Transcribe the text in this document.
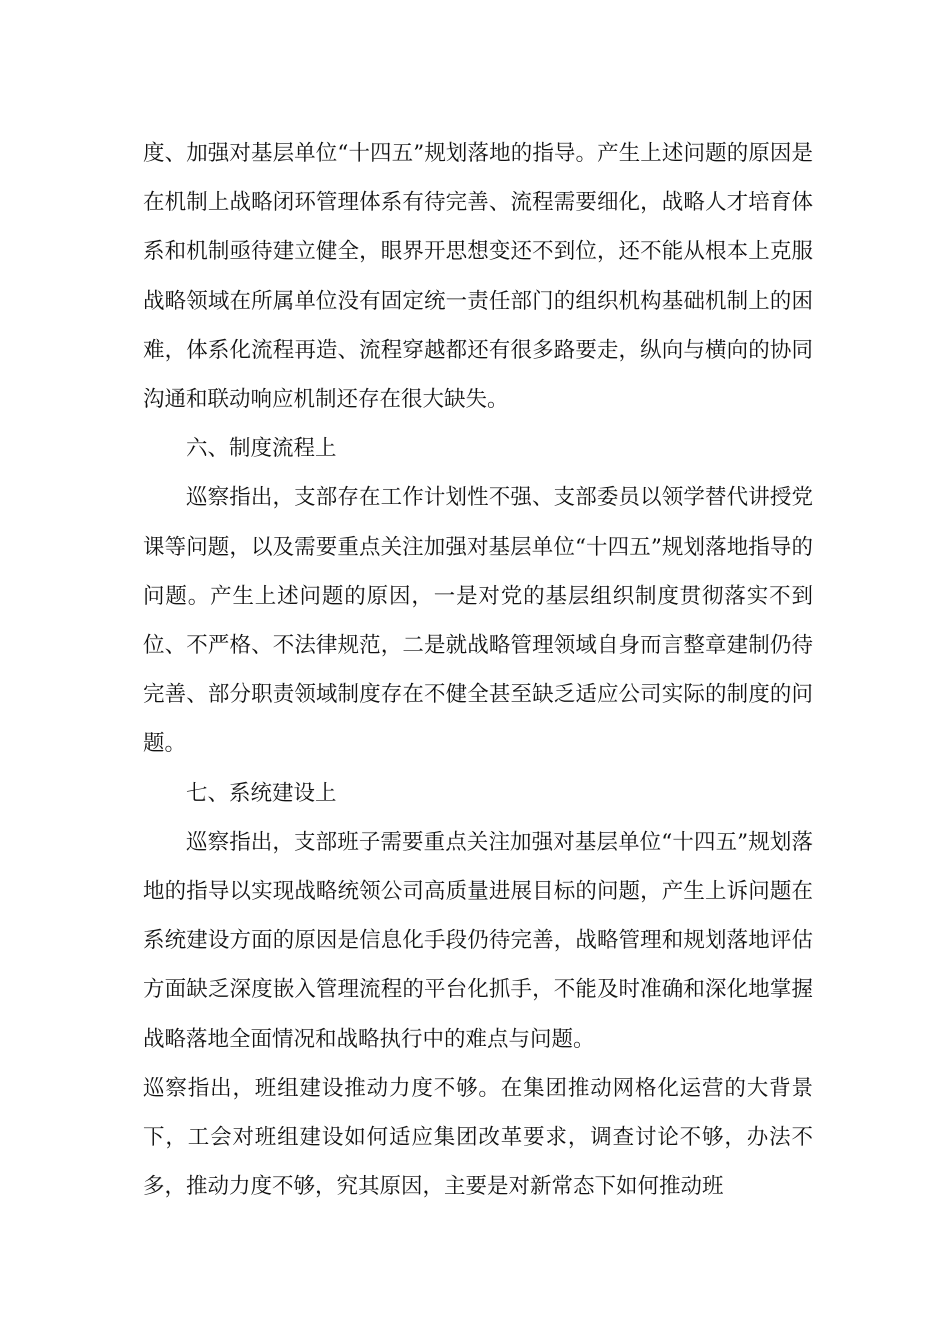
度、加强对基层单位“十四五”规划落地的指导。产生上述问题的原因是在机制上战略闭环管理体系有待完善、流程需要细化，战略人才培育体系和机制亟待建立健全，眼界开思想变还不到位，还不能从根本上克服战略领域在所属单位没有固定统一责任部门的组织机构基础机制上的困难，体系化流程再造、流程穿越都还有很多路要走，纵向与横向的协同沟通和联动响应机制还存在很大缺失。

六、制度流程上

巡察指出，支部存在工作计划性不强、支部委员以领学替代讲授党课等问题，以及需要重点关注加强对基层单位“十四五”规划落地指导的问题。产生上述问题的原因，一是对党的基层组织制度贯彻落实不到位、不严格、不法律规范，二是就战略管理领域自身而言整章建制仍待完善、部分职责领域制度存在不健全甚至缺乏适应公司实际的制度的问题。

七、系统建设上

巡察指出，支部班子需要重点关注加强对基层单位“十四五”规划落地的指导以实现战略统领公司高质量进展目标的问题，产生上诉问题在系统建设方面的原因是信息化手段仍待完善，战略管理和规划落地评估方面缺乏深度嵌入管理流程的平台化抓手，不能及时准确和深化地掌握战略落地全面情况和战略执行中的难点与问题。

巡察指出，班组建设推动力度不够。在集团推动网格化运营的大背景下，工会对班组建设如何适应集团改革要求，调查讨论不够，办法不多，推动力度不够，究其原因，主要是对新常态下如何推动班
